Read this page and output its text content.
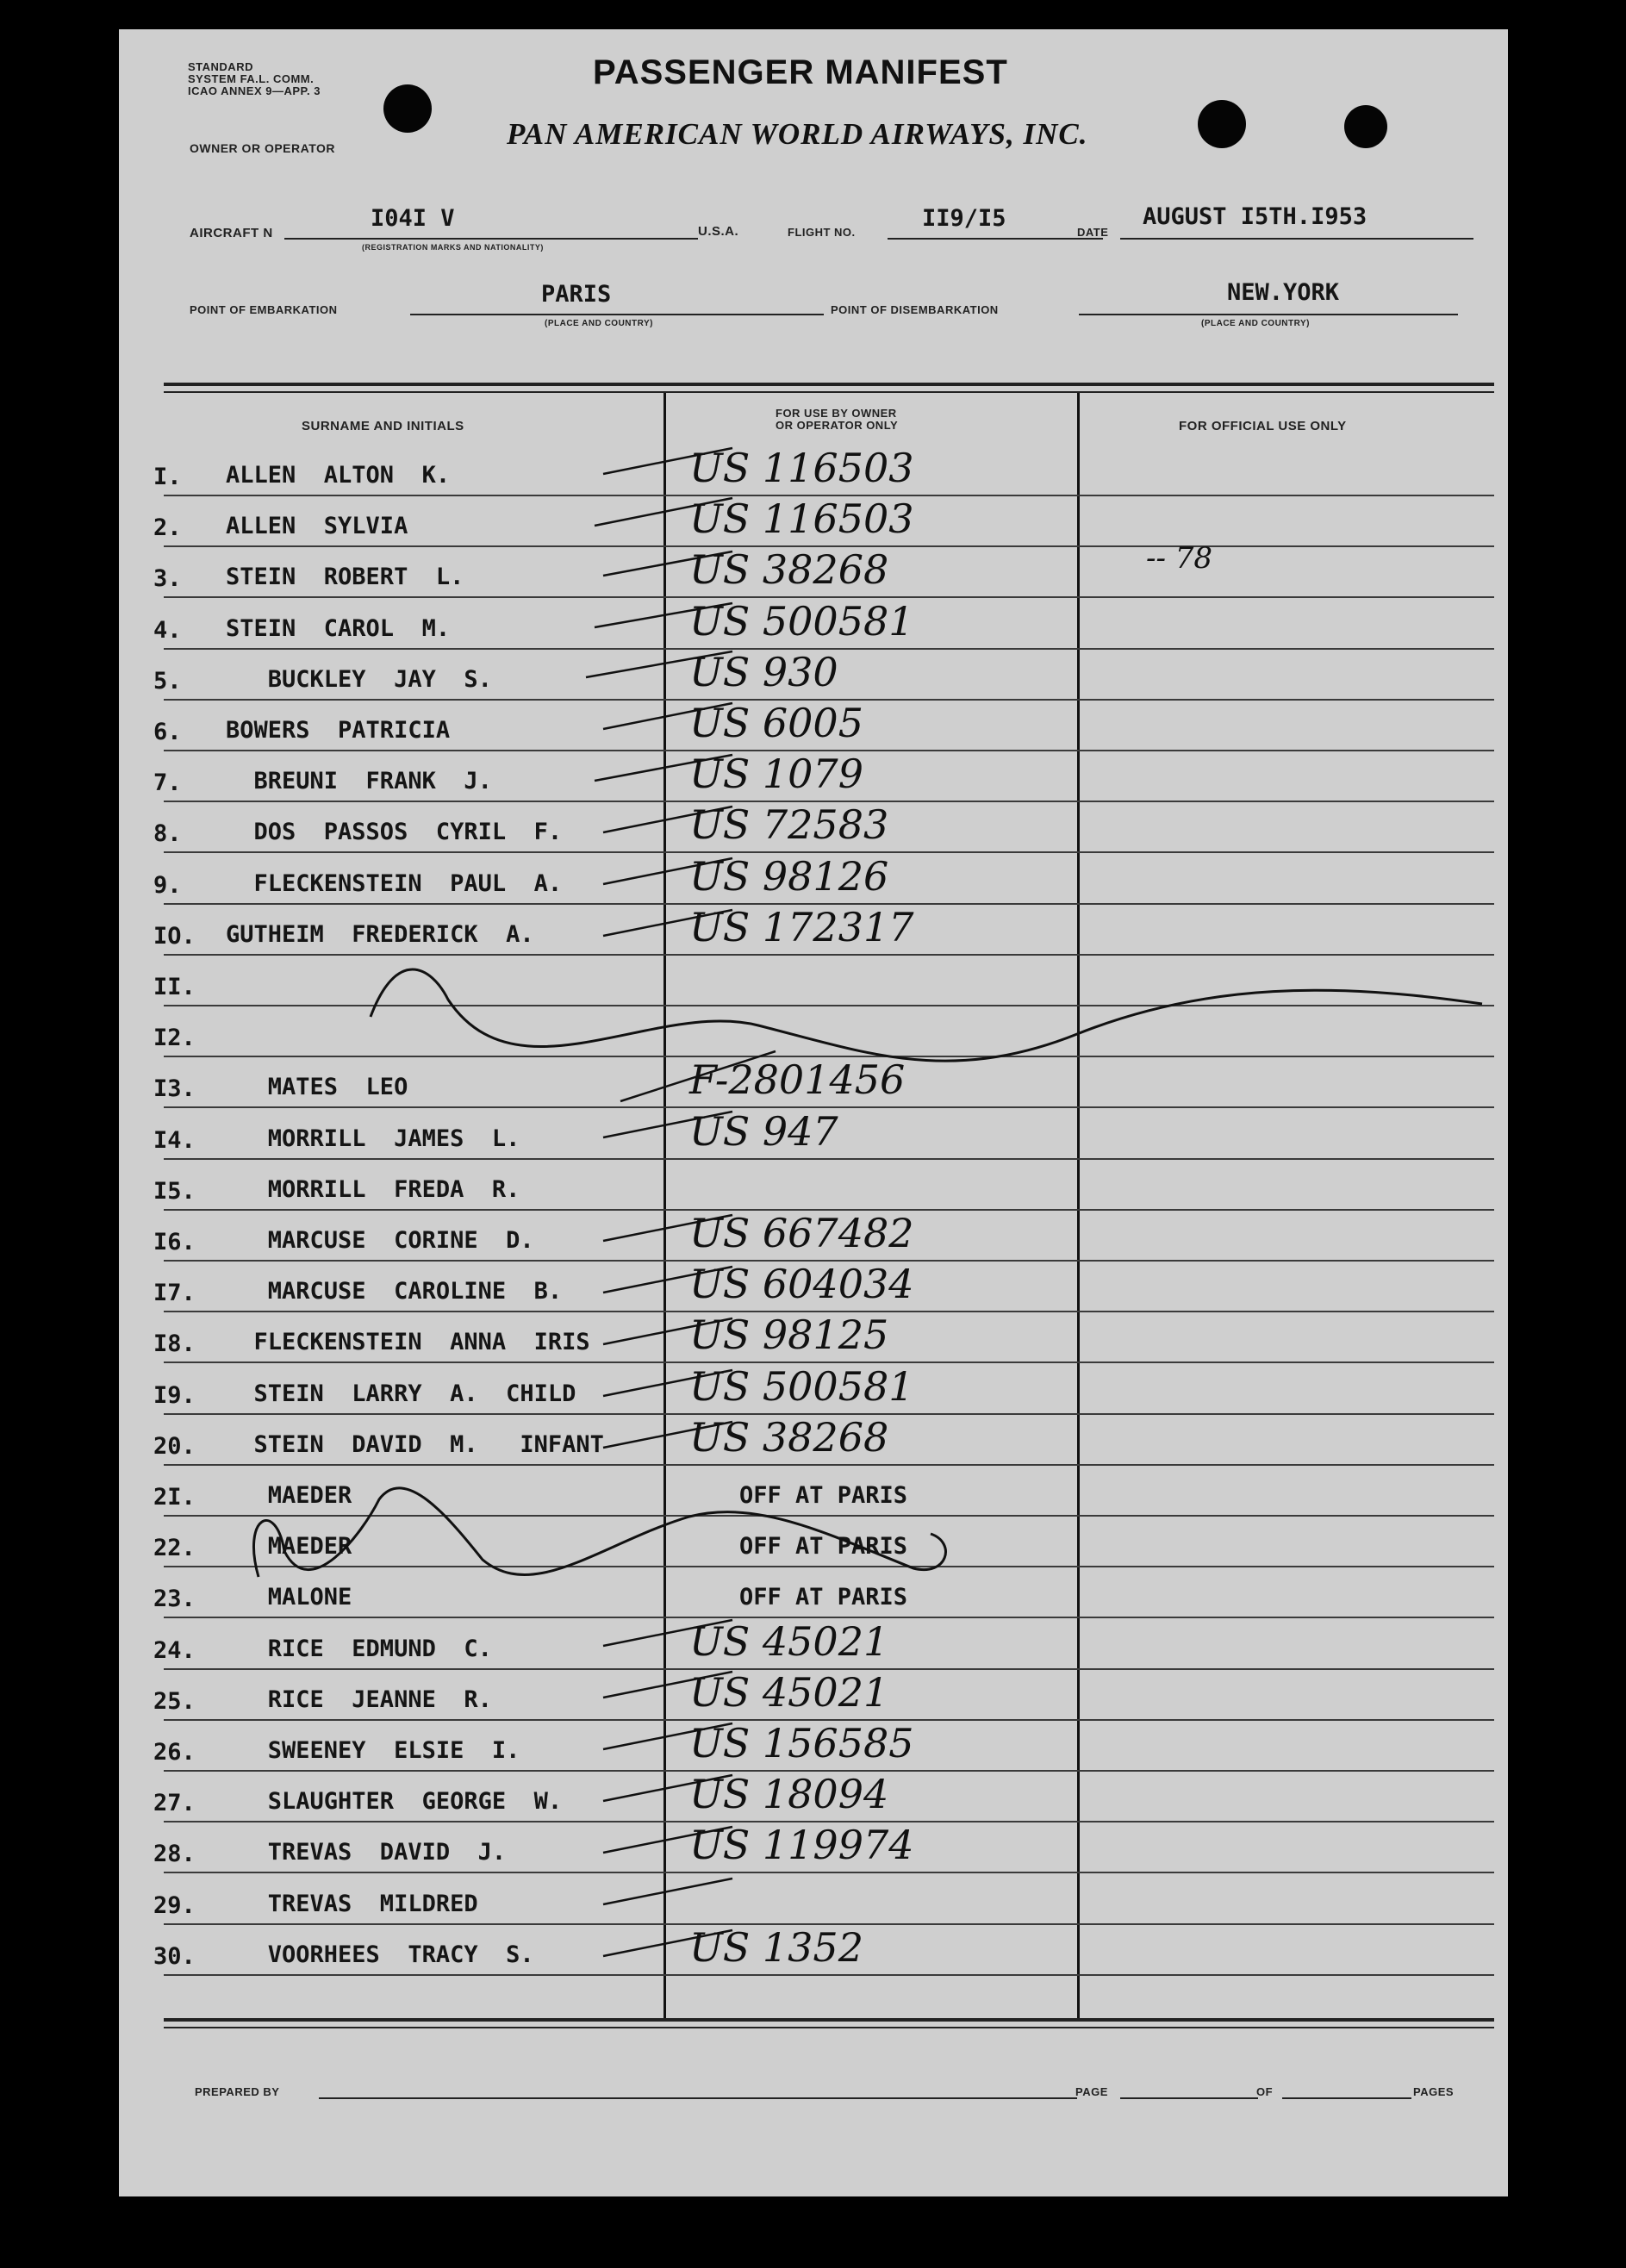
STANDARD
SYSTEM FA.L. COMM.
ICAO ANNEX 9—APP. 3	PASSENGER MANIFEST
OWNER OR OPERATOR	PAN AMERICAN WORLD AIRWAYS, INC.
AIRCRAFT N
I04I V
(REGISTRATION MARKS AND NATIONALITY)
U.S.A.	FLIGHT NO.
II9/I5
DATE
AUGUST I5TH.I953
POINT OF EMBARKATION
PARIS
(PLACE AND COUNTRY)
POINT OF DISEMBARKATION
NEW.YORK
(PLACE AND COUNTRY)
SURNAME AND INITIALS
FOR USE BY OWNER
OR OPERATOR ONLY	FOR OFFICIAL USE ONLY
I.	ALLEN  ALTON  K.	US 116503
2.	ALLEN  SYLVIA	US 116503
3.	STEIN  ROBERT  L.	US 38268	-- 78
4.	STEIN  CAROL  M.	US 500581
5.	BUCKLEY  JAY  S.	US 930
6.	BOWERS  PATRICIA	US 6005
7.	BREUNI  FRANK  J.	US 1079
8.	DOS  PASSOS  CYRIL  F.	US 72583
9.	FLECKENSTEIN  PAUL  A.	US 98126
IO.	GUTHEIM  FREDERICK  A.	US 172317
II.
I2.
I3.	MATES  LEO	F-2801456
I4.	MORRILL  JAMES  L.	US 947
I5.	MORRILL  FREDA  R.
I6.	MARCUSE  CORINE  D.	US 667482
I7.	MARCUSE  CAROLINE  B.	US 604034
I8.	FLECKENSTEIN  ANNA  IRIS	US 98125
I9.	STEIN  LARRY  A.  CHILD	US 500581
20.	STEIN  DAVID  M.   INFANT US 38268
2I.	MAEDER	OFF AT PARIS
22.	MAEDER	OFF AT PARIS
23.	MALONE	OFF AT PARIS
24.	RICE  EDMUND  C.	US 45021
25.	RICE  JEANNE  R.	US 45021
26.	SWEENEY  ELSIE  I.	US 156585
27.	SLAUGHTER  GEORGE  W.	US 18094
28.	TREVAS  DAVID  J.	US 119974
29.	TREVAS  MILDRED
30.	VOORHEES  TRACY  S.	US 1352
PREPARED BY	PAGE	OF	PAGES
